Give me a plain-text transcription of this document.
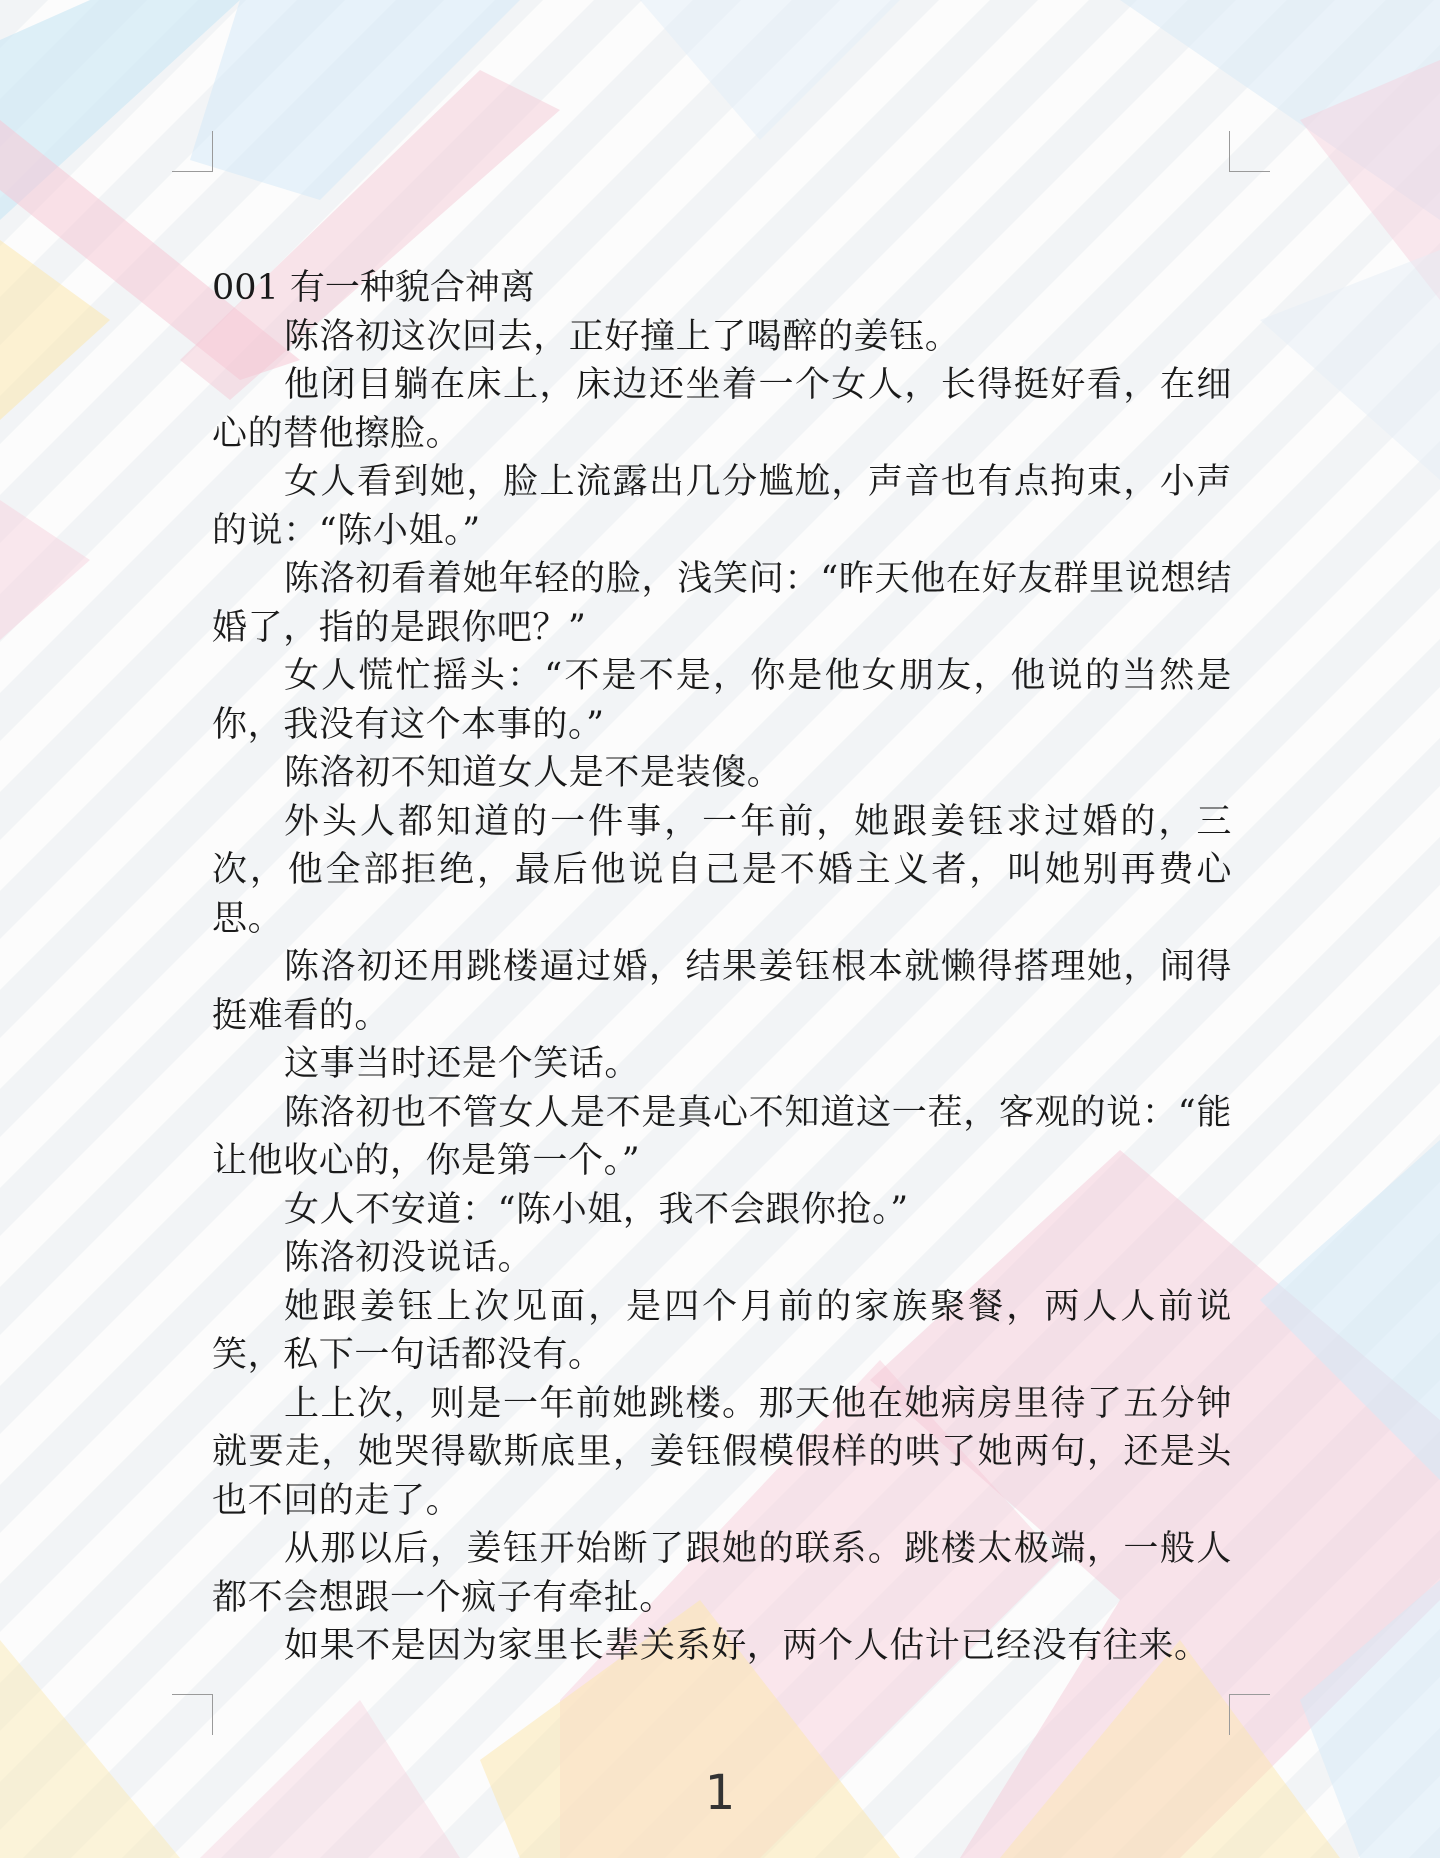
001 有一种貌合神离

陈洛初这次回去，正好撞上了喝醉的姜钰。

他闭目躺在床上，床边还坐着一个女人，长得挺好看，在细心的替他擦脸。

女人看到她，脸上流露出几分尴尬，声音也有点拘束，小声的说：“陈小姐。”

陈洛初看着她年轻的脸，浅笑问：“昨天他在好友群里说想结婚了，指的是跟你吧？”

女人慌忙摇头：“不是不是，你是他女朋友，他说的当然是你，我没有这个本事的。”

陈洛初不知道女人是不是装傻。

外头人都知道的一件事，一年前，她跟姜钰求过婚的，三次，他全部拒绝，最后他说自己是不婚主义者，叫她别再费心思。

陈洛初还用跳楼逼过婚，结果姜钰根本就懒得搭理她，闹得挺难看的。

这事当时还是个笑话。

陈洛初也不管女人是不是真心不知道这一茬，客观的说：“能让他收心的，你是第一个。”

女人不安道：“陈小姐，我不会跟你抢。”

陈洛初没说话。

她跟姜钰上次见面，是四个月前的家族聚餐，两人人前说笑，私下一句话都没有。

上上次，则是一年前她跳楼。那天他在她病房里待了五分钟就要走，她哭得歇斯底里，姜钰假模假样的哄了她两句，还是头也不回的走了。

从那以后，姜钰开始断了跟她的联系。跳楼太极端，一般人都不会想跟一个疯子有牵扯。

如果不是因为家里长辈关系好，两个人估计已经没有往来。

1
